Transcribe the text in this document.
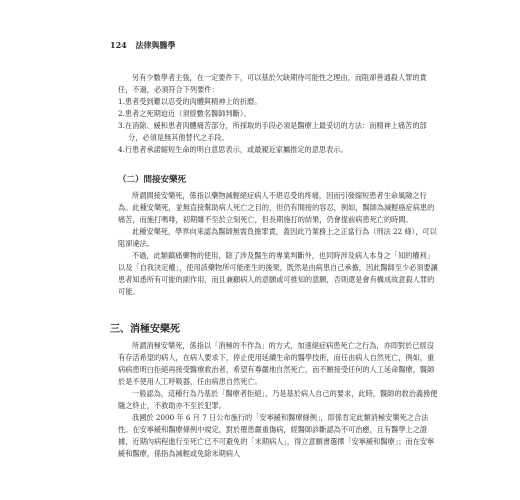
124 法律與醫學

另有少數學者主張，在一定要件下，可以基於欠缺期待可能性之理由，而阻卻善通殺人罪的責任，不過，必須符合下列要件：

1.患者受到難以忍受的肉體與精神上的折磨。
2.患者之死期迫近（須經數名醫師判斷）。
3.在消除、緩和患者肉體痛苦部分，所採取的手段必須是醫療上最妥切的方法：而精神上痛苦的部分，必須是無其他替代之手段。
4.行患者承諾縮短生命的明白意思表示，或最親近家屬推定的意思表示。
（二）間接安樂死

所謂間接安樂死，係指以藥物減輕絕症病人不堪忍受的疼痛，因而引發縮短患者生命風險之行為。此種安樂死，並無直接幫助病人死亡之目的，但仍有間接的容忍，例如，醫師為減輕癌症病患的痛苦，而施打嗎啡，初期雖不至於立刻死亡，但長期施打的結果，仍會提前病患死亡的時間。

此種安樂死，學界向來認為醫師無需負擔罪責，蓋因此乃業務上之正當行為（刑法 22 條），可以阻卻違法。

不過，此類鎮痛藥物的使用，除了涉及醫生的專業判斷外，也同時涉及病人本身之「知的權利」以及「自我決定權」，使用該藥物所可能產生的後果，既然是由病患自己承擔，因此醫師至少必須要讓患者知悉所有可能的副作用，而且兼顧病人的意願或可推知的意願，否則還是會有構成故意殺人罪的可能。

三、消極安樂死

所謂消極安樂死，係指以「消極的不作為」的方式，加速絕症病患死亡之行為，亦即對於已經沒有存活希望的病人，在病人要求下，停止使用延續生命的醫學技術，而任由病人自然死亡，例如，重病病患明白拒絕再接受醫療救治者，希望有尊嚴地自然死亡，而不願接受任何的人工延命醫療，醫師於是不使用人工呼吸器，任由病患自然死亡。

一般認為，這種行為乃基於「醫療者拒絕」，乃是基於病人自己的要求，此時，醫師的救治義務便隨之終止，不救助亦不至於犯罪。

我國於 2000 年 6 月 7 日公布施行的「安寧緩和醫療條例」，即係肯定此類消極安樂死之合法性。在安寧緩和醫療條例中規定，對於罹患嚴重傷病，經醫師診斷認為不可治癒，且有醫學上之證據，近期內病程進行至死亡已不可避免的「末期病人」，得立意願書選擇「安寧緩和醫療」；而在安寧緩和醫療，係指為減輕或免除末期病人
